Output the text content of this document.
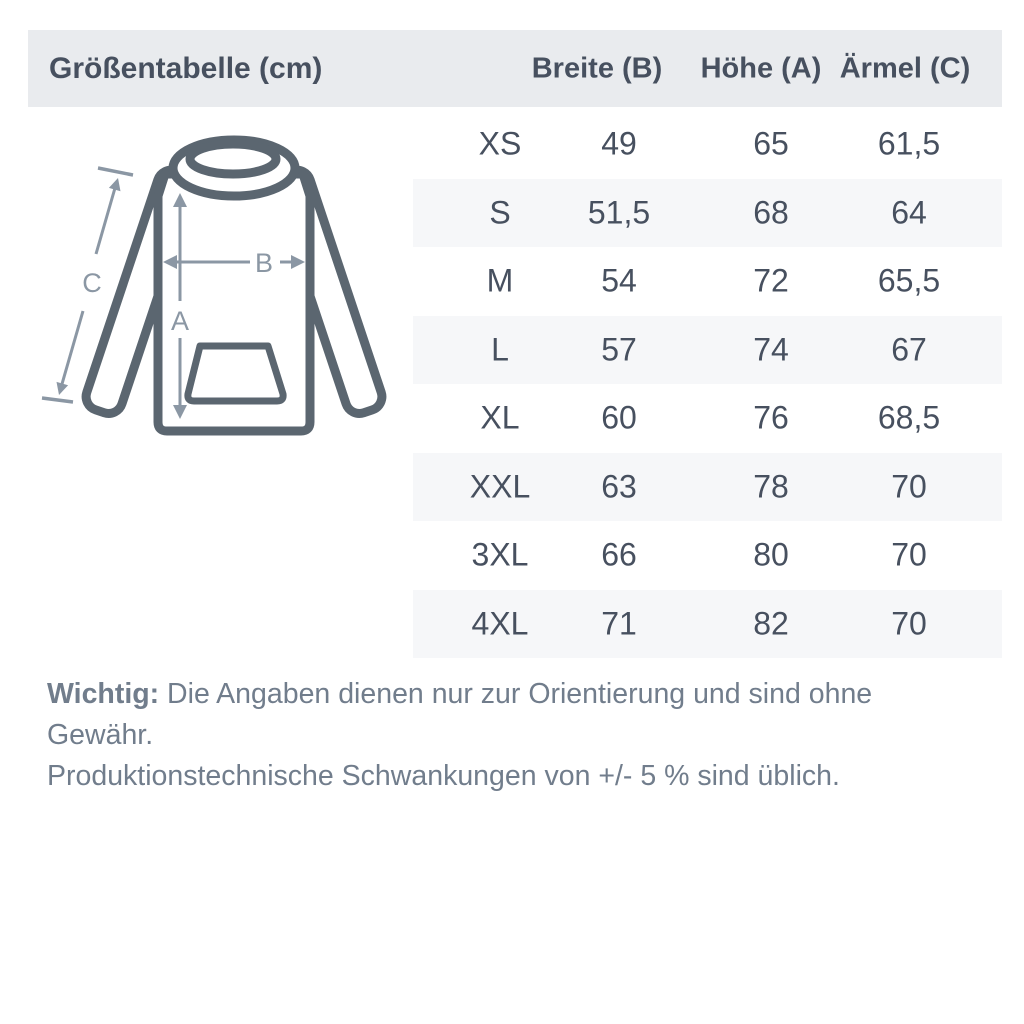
Größentabelle (cm)	Breite (B) Höhe (A) Ärmel (C)
A
B
C
XS 49	65	61,5
S 51,5	68	64
M	54	72	65,5
L	57	74	67
XL	60	76	68,5
XXL 63	78	70
3XL 66	80	70
4XL 71	82	70
Wichtig: Die Angaben dienen nur zur Orientierung und sind ohne Gewähr.
Produktionstechnische Schwankungen von +/- 5 % sind üblich.
